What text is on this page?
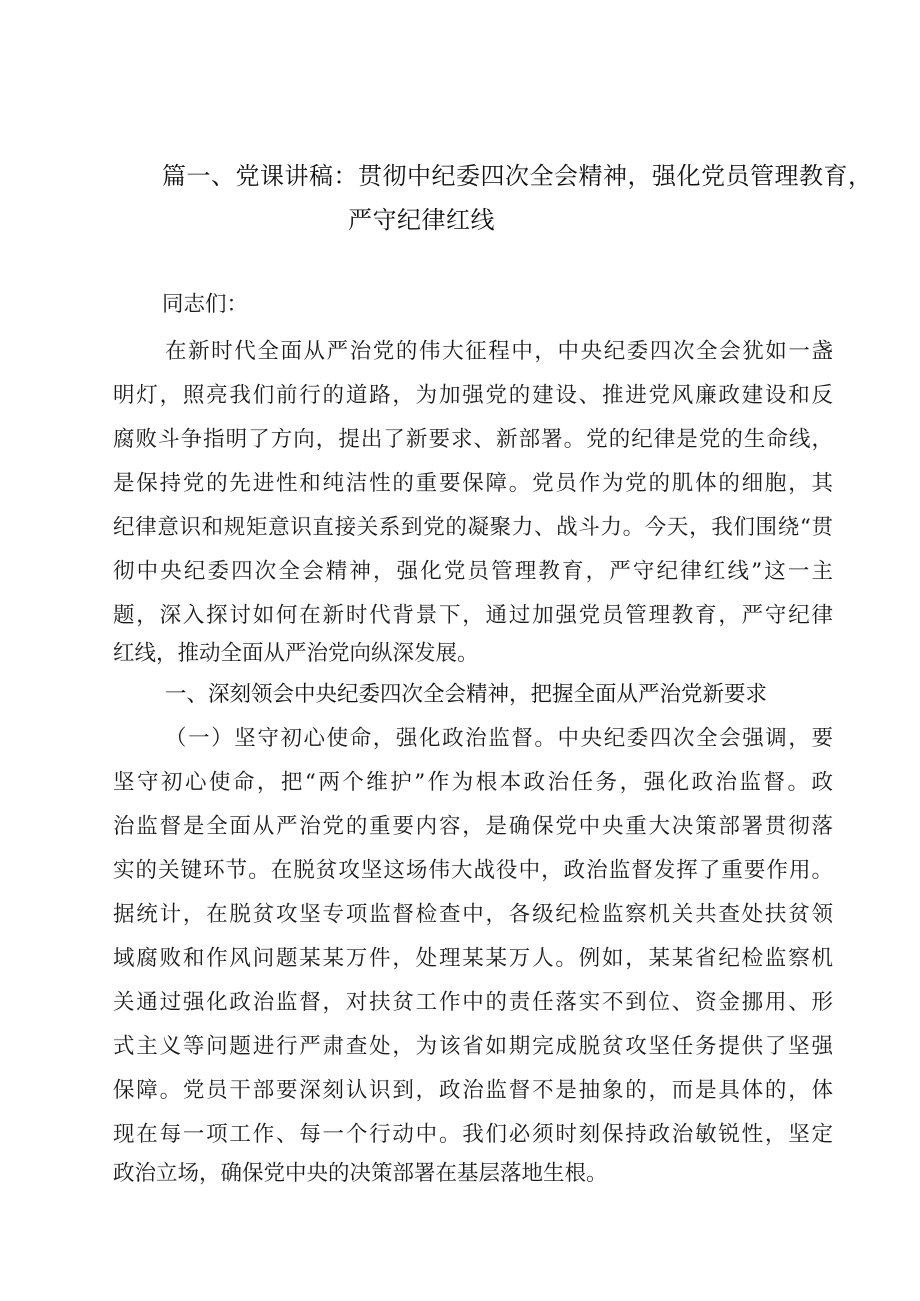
篇一、党课讲稿：贯彻中纪委四次全会精神，强化党员管理教育，
严守纪律红线
同志们：
在新时代全面从严治党的伟大征程中，中央纪委四次全会犹如一盏
明灯，照亮我们前行的道路，为加强党的建设、推进党风廉政建设和反
腐败斗争指明了方向，提出了新要求、新部署。党的纪律是党的生命线，
是保持党的先进性和纯洁性的重要保障。党员作为党的肌体的细胞，其
纪律意识和规矩意识直接关系到党的凝聚力、战斗力。今天，我们围绕“贯
彻中央纪委四次全会精神，强化党员管理教育，严守纪律红线”这一主
题，深入探讨如何在新时代背景下，通过加强党员管理教育，严守纪律
红线，推动全面从严治党向纵深发展。
一、深刻领会中央纪委四次全会精神，把握全面从严治党新要求
（一）坚守初心使命，强化政治监督。中央纪委四次全会强调，要
坚守初心使命，把“两个维护”作为根本政治任务，强化政治监督。政
治监督是全面从严治党的重要内容，是确保党中央重大决策部署贯彻落
实的关键环节。在脱贫攻坚这场伟大战役中，政治监督发挥了重要作用。
据统计，在脱贫攻坚专项监督检查中，各级纪检监察机关共查处扶贫领
域腐败和作风问题某某万件，处理某某万人。例如，某某省纪检监察机
关通过强化政治监督，对扶贫工作中的责任落实不到位、资金挪用、形
式主义等问题进行严肃查处，为该省如期完成脱贫攻坚任务提供了坚强
保障。党员干部要深刻认识到，政治监督不是抽象的，而是具体的，体
现在每一项工作、每一个行动中。我们必须时刻保持政治敏锐性，坚定
政治立场，确保党中央的决策部署在基层落地生根。
